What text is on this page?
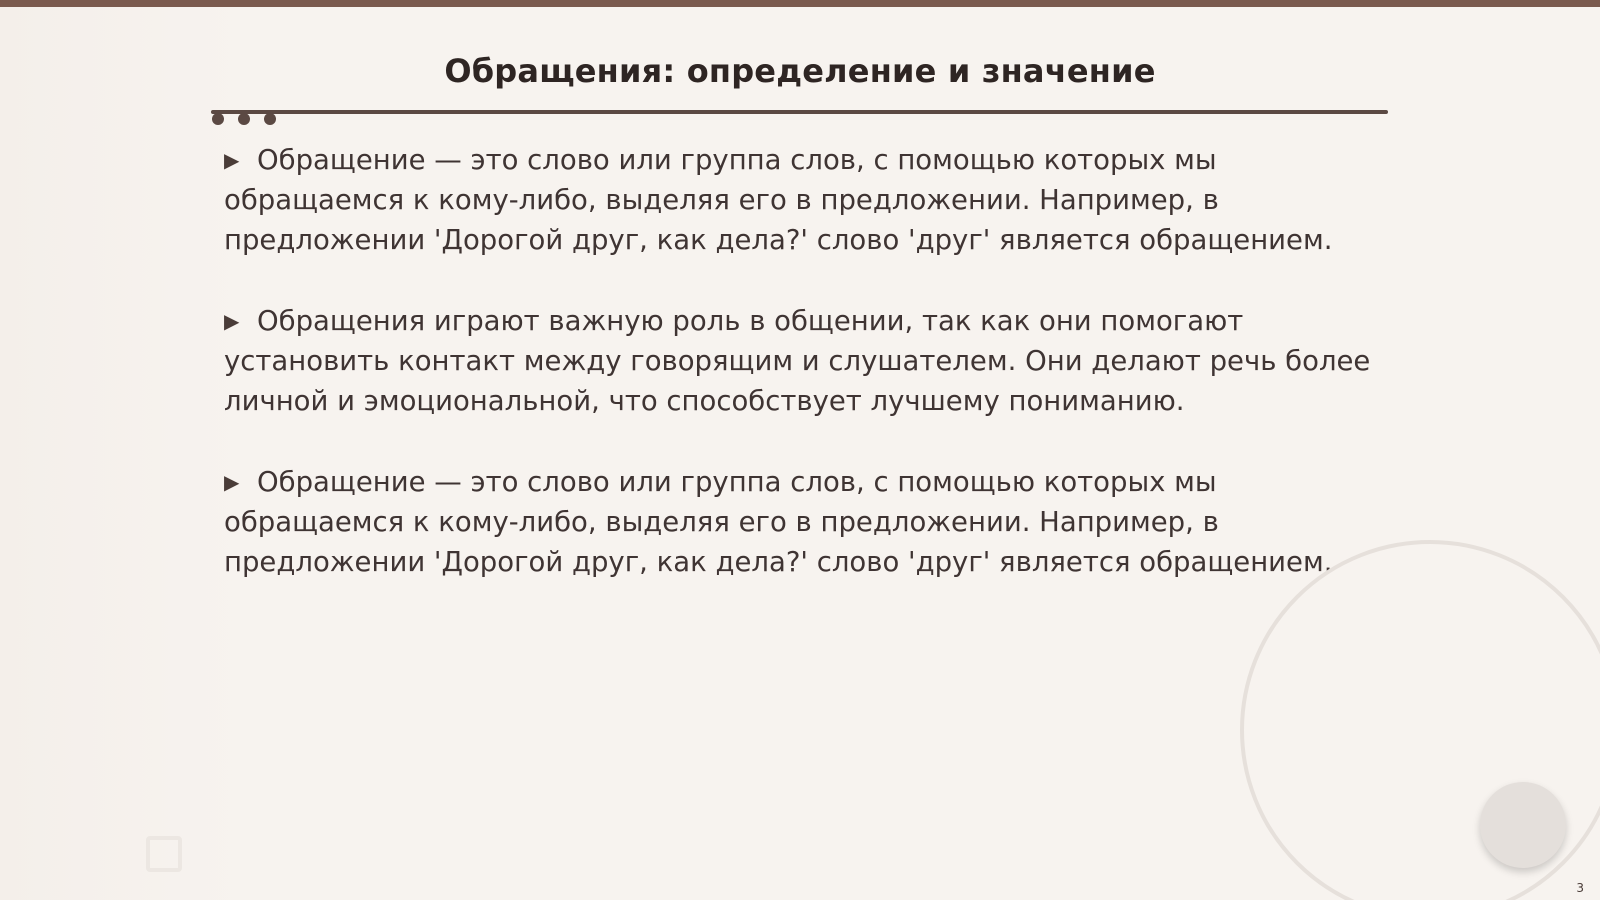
Обращения: определение и значение

▶ Обращение — это слово или группа слов, с помощью которых мы обращаемся к кому-либо, выделяя его в предложении. Например, в предложении 'Дорогой друг, как дела?' слово 'друг' является обращением.

▶ Обращения играют важную роль в общении, так как они помогают установить контакт между говорящим и слушателем. Они делают речь более личной и эмоциональной, что способствует лучшему пониманию.

▶ Обращение — это слово или группа слов, с помощью которых мы обращаемся к кому-либо, выделяя его в предложении. Например, в предложении 'Дорогой друг, как дела?' слово 'друг' является обращением.

3
